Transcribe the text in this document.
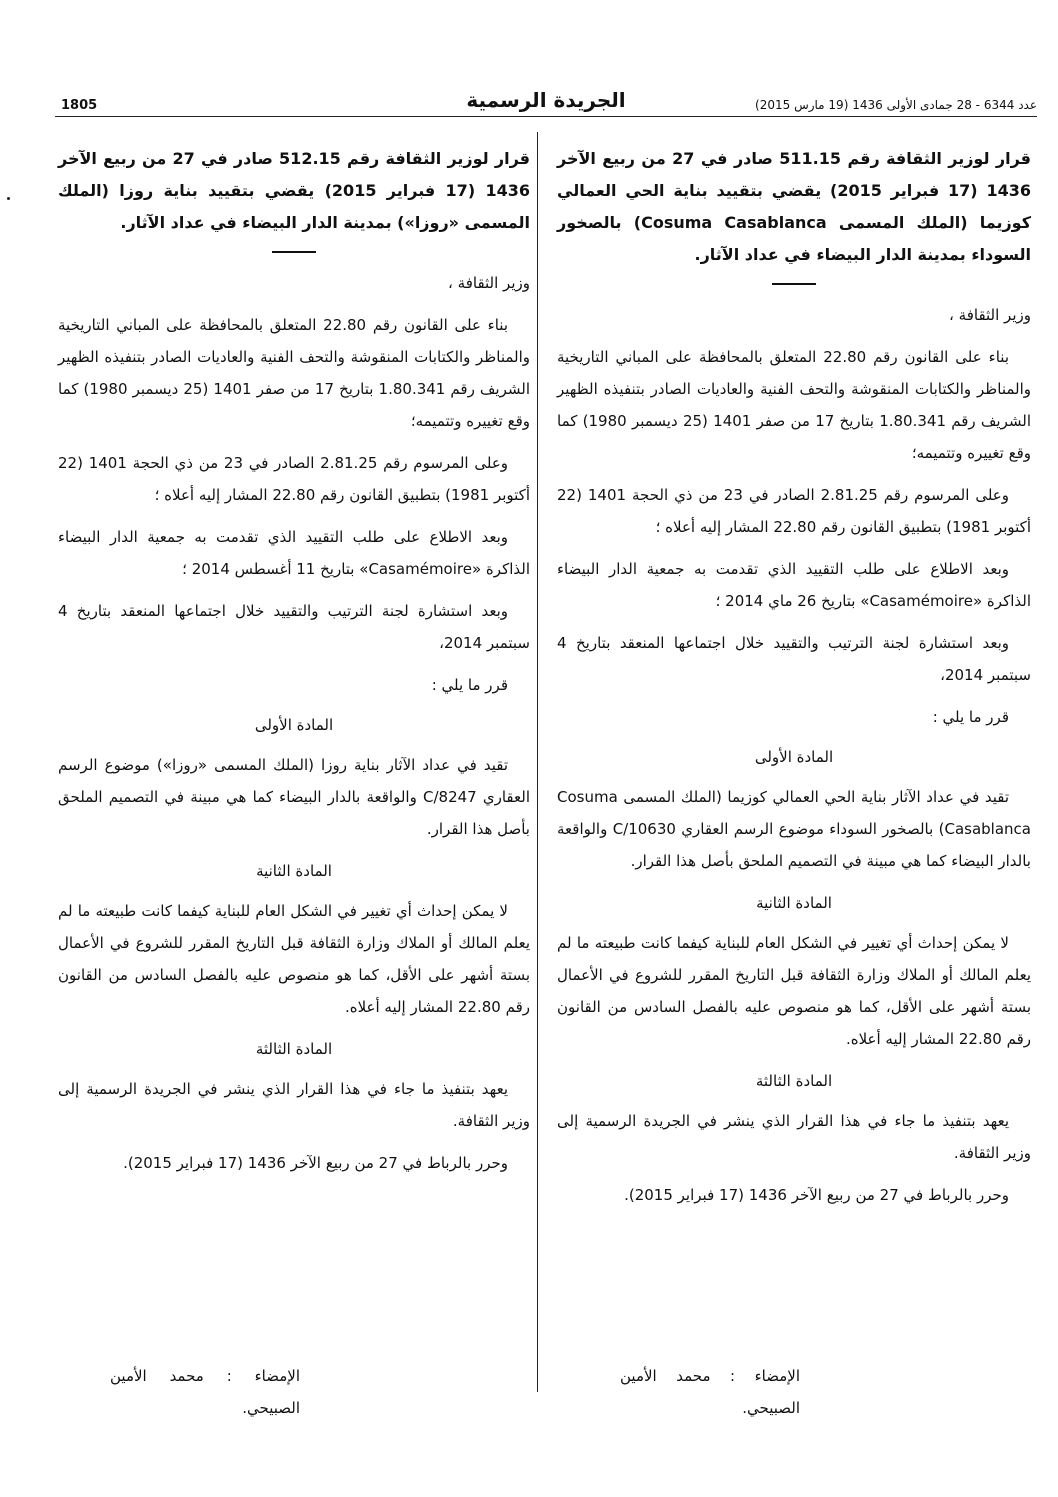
1805	الجريدة الرسمية	عدد 6344 - 28 جمادى الأولى 1436 (19 مارس 2015)

قرار لوزير الثقافة رقم 511.15 صادر في 27 من ربيع الآخر 1436 (17 فبراير 2015) يقضي بتقييد بناية الحي العمالي كوزيما (الملك المسمى Cosuma Casablanca) بالصخور السوداء بمدينة الدار البيضاء في عداد الآثار.

وزير الثقافة ،

بناء على القانون رقم 22.80 المتعلق بالمحافظة على المباني التاريخية والمناظر والكتابات المنقوشة والتحف الفنية والعاديات الصادر بتنفيذه الظهير الشريف رقم 1.80.341 بتاريخ 17 من صفر 1401 (25 ديسمبر 1980) كما وقع تغييره وتتميمه؛

وعلى المرسوم رقم 2.81.25 الصادر في 23 من ذي الحجة 1401 (22 أكتوبر 1981) بتطبيق القانون رقم 22.80 المشار إليه أعلاه ؛

وبعد الاطلاع على طلب التقييد الذي تقدمت به جمعية الدار البيضاء الذاكرة «Casamémoire» بتاريخ 26 ماي 2014 ؛

وبعد استشارة لجنة الترتيب والتقييد خلال اجتماعها المنعقد بتاريخ 4 سبتمبر 2014،

قرر ما يلي :

المادة الأولى

تقيد في عداد الآثار بناية الحي العمالي كوزيما (الملك المسمى Cosuma Casablanca) بالصخور السوداء موضوع الرسم العقاري C/10630 والواقعة بالدار البيضاء كما هي مبينة في التصميم الملحق بأصل هذا القرار.

المادة الثانية

لا يمكن إحداث أي تغيير في الشكل العام للبناية كيفما كانت طبيعته ما لم يعلم المالك أو الملاك وزارة الثقافة قبل التاريخ المقرر للشروع في الأعمال بستة أشهر على الأقل، كما هو منصوص عليه بالفصل السادس من القانون رقم 22.80 المشار إليه أعلاه.

المادة الثالثة

يعهد بتنفيذ ما جاء في هذا القرار الذي ينشر في الجريدة الرسمية إلى وزير الثقافة.

وحرر بالرباط في 27 من ربيع الآخر 1436 (17 فبراير 2015).

الإمضاء : محمد الأمين الصبيحي.

قرار لوزير الثقافة رقم 512.15 صادر في 27 من ربيع الآخر 1436 (17 فبراير 2015) يقضي بتقييد بناية روزا (الملك المسمى «روزا») بمدينة الدار البيضاء في عداد الآثار.

وزير الثقافة ،

بناء على القانون رقم 22.80 المتعلق بالمحافظة على المباني التاريخية والمناظر والكتابات المنقوشة والتحف الفنية والعاديات الصادر بتنفيذه الظهير الشريف رقم 1.80.341 بتاريخ 17 من صفر 1401 (25 ديسمبر 1980) كما وقع تغييره وتتميمه؛

وعلى المرسوم رقم 2.81.25 الصادر في 23 من ذي الحجة 1401 (22 أكتوبر 1981) بتطبيق القانون رقم 22.80 المشار إليه أعلاه ؛

وبعد الاطلاع على طلب التقييد الذي تقدمت به جمعية الدار البيضاء الذاكرة «Casamémoire» بتاريخ 11 أغسطس 2014 ؛

وبعد استشارة لجنة الترتيب والتقييد خلال اجتماعها المنعقد بتاريخ 4 سبتمبر 2014،

قرر ما يلي :

المادة الأولى

تقيد في عداد الآثار بناية روزا (الملك المسمى «روزا») موضوع الرسم العقاري C/8247 والواقعة بالدار البيضاء كما هي مبينة في التصميم الملحق بأصل هذا القرار.

المادة الثانية

لا يمكن إحداث أي تغيير في الشكل العام للبناية كيفما كانت طبيعته ما لم يعلم المالك أو الملاك وزارة الثقافة قبل التاريخ المقرر للشروع في الأعمال بستة أشهر على الأقل، كما هو منصوص عليه بالفصل السادس من القانون رقم 22.80 المشار إليه أعلاه.

المادة الثالثة

يعهد بتنفيذ ما جاء في هذا القرار الذي ينشر في الجريدة الرسمية إلى وزير الثقافة.

وحرر بالرباط في 27 من ربيع الآخر 1436 (17 فبراير 2015).

الإمضاء : محمد الأمين الصبيحي.
